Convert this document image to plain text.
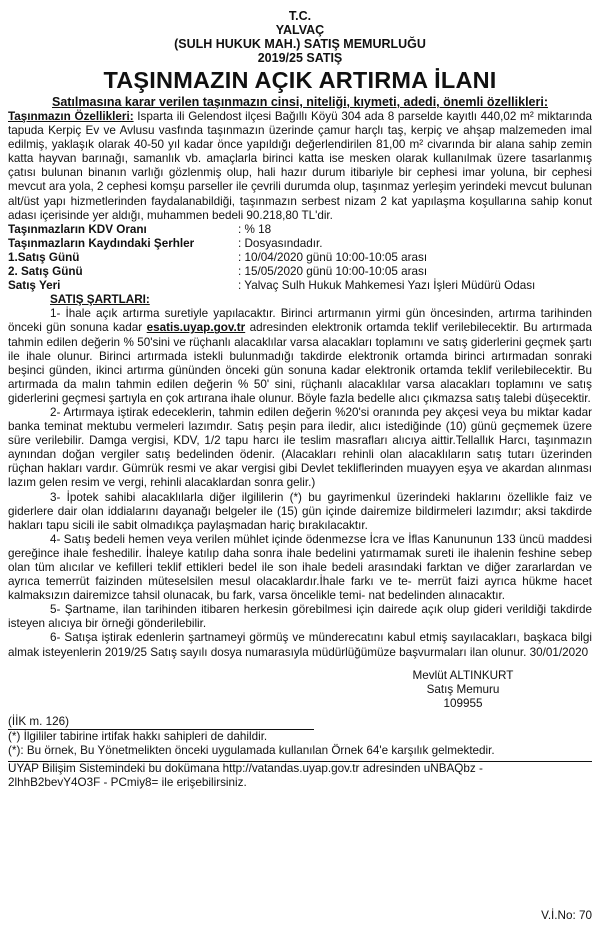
T.C.
YALVAÇ
(SULH HUKUK MAH.) SATIŞ MEMURLUĞU
2019/25 SATIŞ
TAŞINMAZIN AÇIK ARTIRMA İLANI
Satılmasına karar verilen taşınmazın cinsi, niteliği, kıymeti, adedi, önemli özellikleri:

Taşınmazın Özellikleri: Isparta ili Gelendost ilçesi Bağıllı Köyü 304 ada 8 parselde kayıtlı 440,02 m² miktarında tapuda Kerpiç Ev ve Avlusu vasfında taşınmazın üzerinde çamur harçlı taş, kerpiç ve ahşap malzemeden imal edilmiş, yaklaşık olarak 40-50 yıl kadar önce yapıldığı değerlendirilen 81,00 m² civarında bir alana sahip zemin katta hayvan barınağı, samanlık vb. amaçlarla birinci katta ise mesken olarak kullanılmak üzere tasarlanmış çatısı bulunan binanın varlığı gözlenmiş olup, hali hazır durum itibariyle bir cephesi imar yoluna, bir cephesi mevcut ara yola, 2 cephesi komşu parseller ile çevrili durumda olup, taşınmaz yerleşim yerindeki mevcut bulunan alt/üst yapı hizmetlerinden faydalanabildiği, taşınmazın serbest nizam 2 kat yapılaşma koşullarına sahip konut adası içerisinde yer aldığı, muhammen bedeli 90.218,80 TL'dir.

Taşınmazların KDV Oranı	: % 18
Taşınmazların Kaydındaki Şerhler	: Dosyasındadır.
1.Satış Günü	: 10/04/2020 günü 10:00-10:05 arası
2. Satış Günü	: 15/05/2020 günü 10:00-10:05 arası
Satış Yeri	: Yalvaç Sulh Hukuk Mahkemesi Yazı İşleri Müdürü Odası

SATIŞ ŞARTLARI:

1- İhale açık artırma suretiyle yapılacaktır. Birinci artırmanın yirmi gün öncesinden, artırma tarihinden önceki gün sonuna kadar esatis.uyap.gov.tr adresinden elektronik ortamda teklif verilebilecektir. Bu artırmada tahmin edilen değerin % 50'sini ve rüçhanlı alacaklılar varsa alacakları toplamını ve satış giderlerini geçmek şartı ile ihale olunur. Birinci artırmada istekli bulunmadığı takdirde elektronik ortamda birinci artırmadan sonraki beşinci günden, ikinci artırma gününden önceki gün sonuna kadar elektronik ortamda teklif verilebilecektir. Bu artırmada da malın tahmin edilen değerin % 50' sini, rüçhanlı alacaklılar varsa alacakları toplamını ve satış giderlerini geçmesi şartıyla en çok artırana ihale olunur. Böyle fazla bedelle alıcı çıkmazsa satış talebi düşecektir.

2- Artırmaya iştirak edeceklerin, tahmin edilen değerin %20'si oranında pey akçesi veya bu miktar kadar banka teminat mektubu vermeleri lazımdır. Satış peşin para iledir, alıcı istediğinde (10) günü geçmemek üzere süre verilebilir. Damga vergisi, KDV, 1/2 tapu harcı ile teslim masrafları alıcıya aittir.Tellallık Harcı, taşınmazın aynından doğan vergiler satış bedelinden ödenir. (Alacakları rehinli olan alacaklıların satış tutarı üzerinden rüçhan hakları vardır. Gümrük resmi ve akar vergisi gibi Devlet tekliflerinden muayyen eşya ve akardan alınması lazım gelen resim ve vergi, rehinli alacaklardan sonra gelir.)

3- İpotek sahibi alacaklılarla diğer ilgililerin (*) bu gayrimenkul üzerindeki haklarını özellikle faiz ve giderlere dair olan iddialarını dayanağı belgeler ile (15) gün içinde dairemize bildirmeleri lazımdır; aksi takdirde hakları tapu sicili ile sabit olmadıkça paylaşmadan hariç bırakılacaktır.

4- Satış bedeli hemen veya verilen mühlet içinde ödenmezse İcra ve İflas Kanununun 133 üncü maddesi gereğince ihale feshedilir. İhaleye katılıp daha sonra ihale bedelini yatırmamak sureti ile ihalenin feshine sebep olan tüm alıcılar ve kefilleri teklif ettikleri bedel ile son ihale bedeli arasındaki farktan ve diğer zararlardan ve ayrıca temerrüt faizinden müteselsilen mesul olacaklardır.İhale farkı ve te- merrüt faizi ayrıca hükme hacet kalmaksızın dairemizce tahsil olunacak, bu fark, varsa öncelikle temi- nat bedelinden alınacaktır.

5- Şartname, ilan tarihinden itibaren herkesin görebilmesi için dairede açık olup gideri verildiği takdirde isteyen alıcıya bir örneği gönderilebilir.

6- Satışa iştirak edenlerin şartnameyi görmüş ve münderecatını kabul etmiş sayılacakları, başkaca bilgi almak isteyenlerin 2019/25 Satış sayılı dosya numarasıyla müdürlüğümüze başvurmaları ilan olunur. 30/01/2020

Mevlüt ALTINKURT
Satış Memuru
109955

(İİK m. 126)

(*) İlgililer tabirine irtifak hakkı sahipleri de dahildir.

(*): Bu örnek, Bu Yönetmelikten önceki uygulamada kullanılan Örnek 64'e karşılık gelmektedir.

UYAP Bilişim Sistemindeki bu dokümana http://vatandas.uyap.gov.tr adresinden uNBAQbz - 2lhhB2bevY4O3F - PCmiy8= ile erişebilirsiniz.

V.İ.No: 70
